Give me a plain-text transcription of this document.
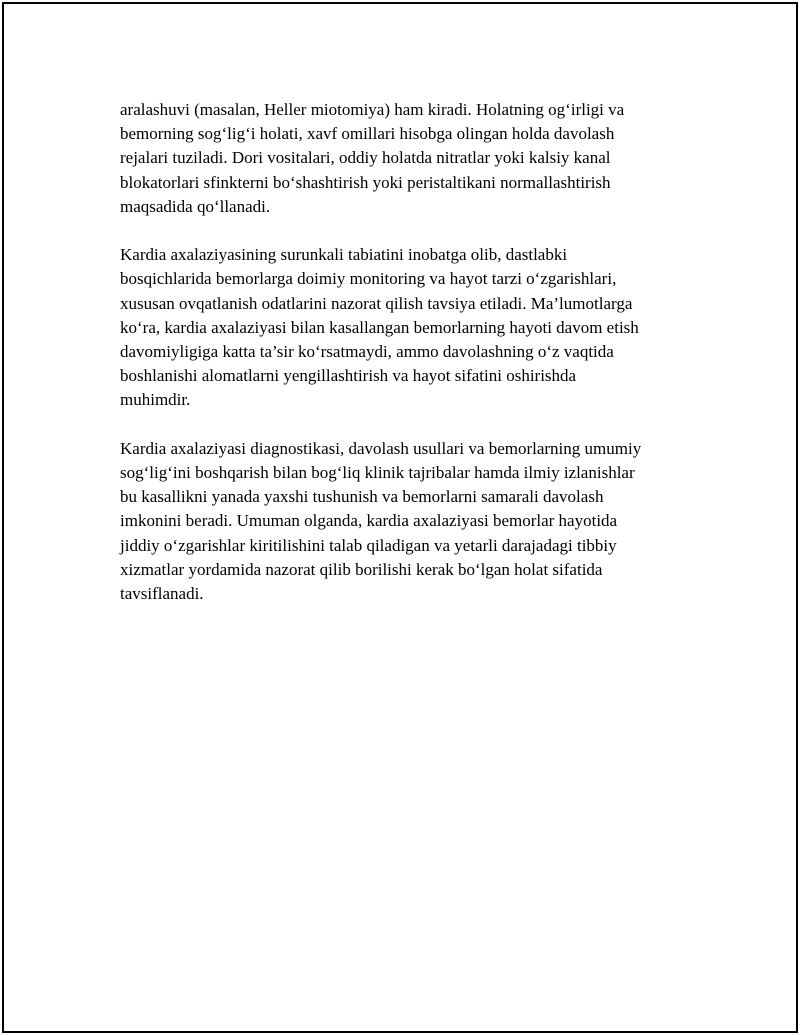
aralashuvi (masalan, Heller miotomiya) ham kiradi. Holatning og‘irligi va
bemorning sog‘lig‘i holati, xavf omillari hisobga olingan holda davolash
rejalari tuziladi. Dori vositalari, oddiy holatda nitratlar yoki kalsiy kanal
blokatorlari sfinkterni bo‘shashtirish yoki peristaltikani normallashtirish
maqsadida qo‘llanadi.

Kardia axalaziyasining surunkali tabiatini inobatga olib, dastlabki
bosqichlarida bemorlarga doimiy monitoring va hayot tarzi o‘zgarishlari,
xususan ovqatlanish odatlarini nazorat qilish tavsiya etiladi. Ma’lumotlarga
ko‘ra, kardia axalaziyasi bilan kasallangan bemorlarning hayoti davom etish
davomiyligiga katta ta’sir ko‘rsatmaydi, ammo davolashning o‘z vaqtida
boshlanishi alomatlarni yengillashtirish va hayot sifatini oshirishda
muhimdir.

Kardia axalaziyasi diagnostikasi, davolash usullari va bemorlarning umumiy
sog‘lig‘ini boshqarish bilan bog‘liq klinik tajribalar hamda ilmiy izlanishlar
bu kasallikni yanada yaxshi tushunish va bemorlarni samarali davolash
imkonini beradi. Umuman olganda, kardia axalaziyasi bemorlar hayotida
jiddiy o‘zgarishlar kiritilishini talab qiladigan va yetarli darajadagi tibbiy
xizmatlar yordamida nazorat qilib borilishi kerak bo‘lgan holat sifatida
tavsiflanadi.
